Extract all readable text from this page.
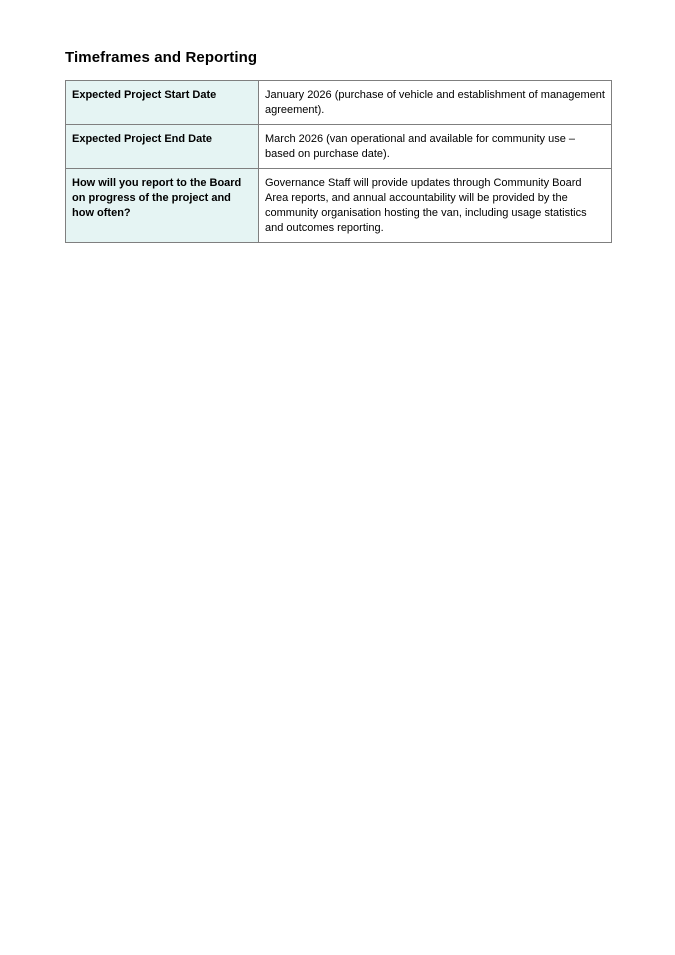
Timeframes and Reporting
Expected Project Start Date	January 2026 (purchase of vehicle and establishment of management agreement).
Expected Project End Date	March 2026 (van operational and available for community use – based on purchase date).
How will you report to the Board on progress of the project and how often?	Governance Staff will provide updates through Community Board Area reports, and annual accountability will be provided by the community organisation hosting the van, including usage statistics and outcomes reporting.
